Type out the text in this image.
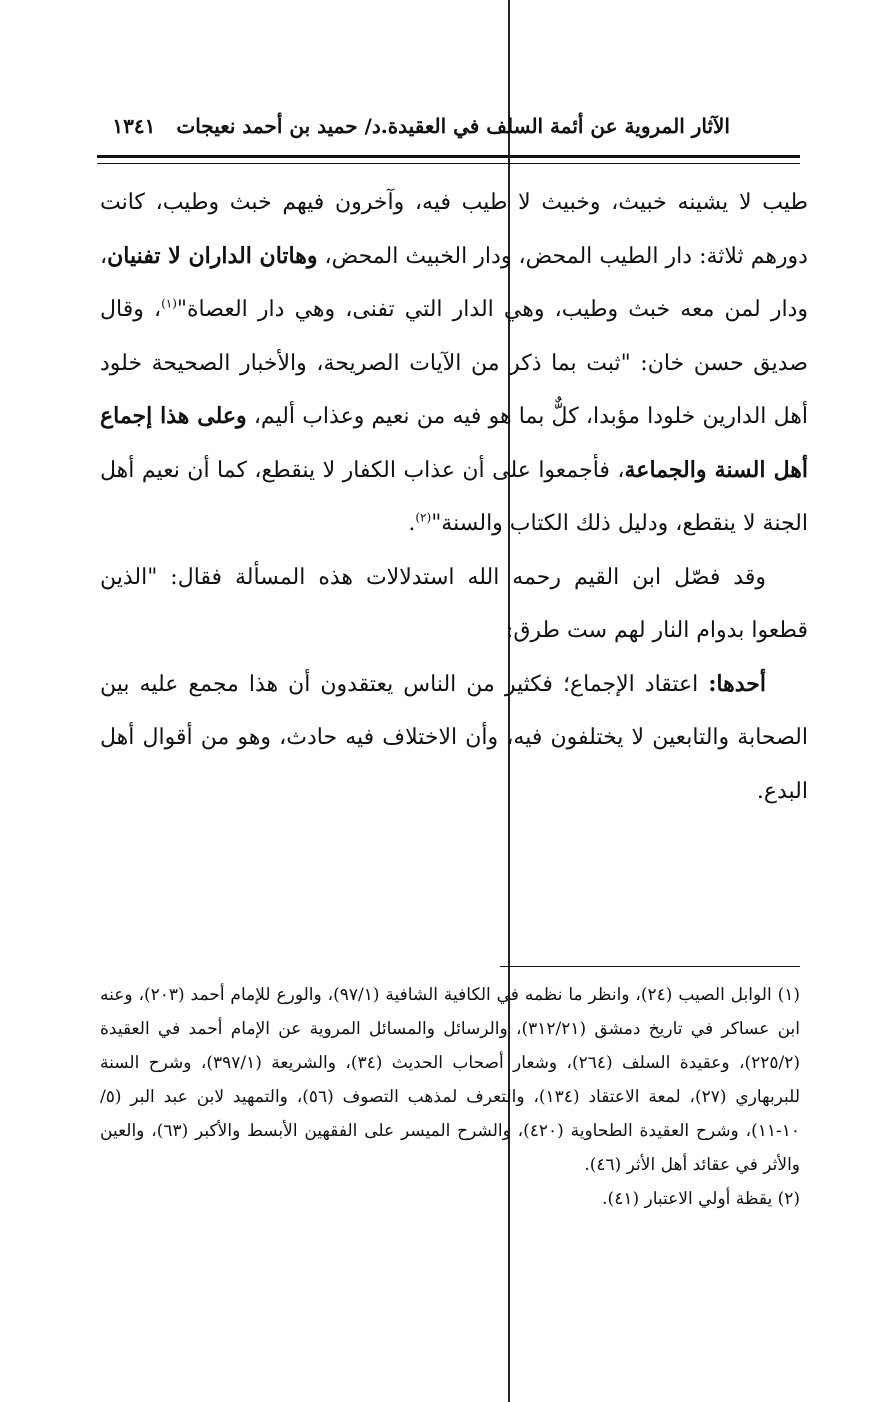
الآثار المروية عن أئمة السلف في العقيدة.د/ حميد بن أحمد نعيجات ١٣٤١

طيب لا يشينه خبيث، وخبيث لا طيب فيه، وآخرون فيهم خبث وطيب، كانت دورهم ثلاثة: دار الطيب المحض، ودار الخبيث المحض، وهاتان الداران لا تفنيان، ودار لمن معه خبث وطيب، وهي الدار التي تفنى، وهي دار العصاة"$^{(١)}$، وقال صديق حسن خان: "ثبت بما ذكر من الآيات الصريحة، والأخبار الصحيحة خلود أهل الدارين خلودا مؤبدا، كلٌّ بما هو فيه من نعيم وعذاب أليم، وعلى هذا إجماع أهل السنة والجماعة، فأجمعوا على أن عذاب الكفار لا ينقطع، كما أن نعيم أهل الجنة لا ينقطع، ودليل ذلك الكتاب والسنة"$^{(٢)}$.

وقد فصّل ابن القيم رحمه الله استدلالات هذه المسألة فقال: "الذين قطعوا بدوام النار لهم ست طرق:

أحدها: اعتقاد الإجماع؛ فكثير من الناس يعتقدون أن هذا مجمع عليه بين الصحابة والتابعين لا يختلفون فيه، وأن الاختلاف فيه حادث، وهو من أقوال أهل البدع.

(١) الوابل الصيب (٢٤)، وانظر ما نظمه في الكافية الشافية (٩٧/١)، والورع للإمام أحمد (٢٠٣)، وعنه ابن عساكر في تاريخ دمشق (٣١٢/٢١)، والرسائل والمسائل المروية عن الإمام أحمد في العقيدة (٢٢٥/٢)، وعقيدة السلف (٢٦٤)، وشعار أصحاب الحديث (٣٤)، والشريعة (٣٩٧/١)، وشرح السنة للبربهاري (٢٧)، لمعة الاعتقاد (١٣٤)، والتعرف لمذهب التصوف (٥٦)، والتمهيد لابن عبد البر (٥/ ١٠-١١)، وشرح العقيدة الطحاوية (٤٢٠)، والشرح الميسر على الفقهين الأبسط والأكبر (٦٣)، والعين والأثر في عقائد أهل الأثر (٤٦).

(٢) يقظة أولي الاعتبار (٤١).
